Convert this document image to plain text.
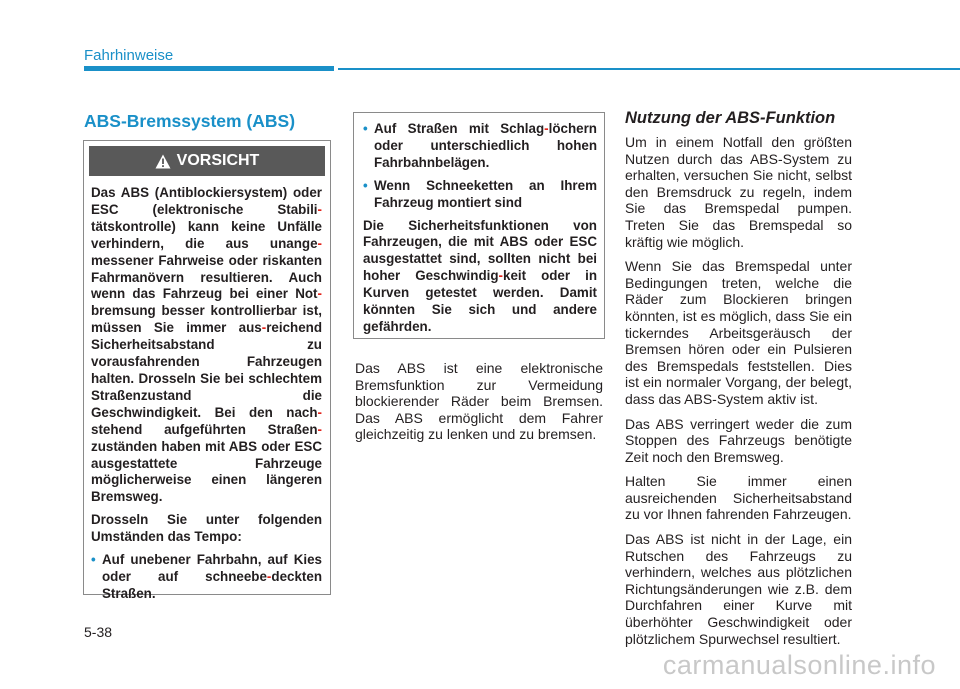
Fahrhinweise
ABS-Bremssystem (ABS)
VORSICHT

Das ABS (Antiblockiersystem) oder ESC (elektronische Stabili-tätskontrolle) kann keine Unfälle verhindern, die aus unange-messener Fahrweise oder riskanten Fahrmanövern resultieren. Auch wenn das Fahrzeug bei einer Not-bremsung besser kontrollierbar ist, müssen Sie immer aus-reichend Sicherheitsabstand zu vorausfahrenden Fahrzeugen halten. Drosseln Sie bei schlechtem Straßenzustand die Geschwindigkeit. Bei den nach-stehend aufgeführten Straßen-zuständen haben mit ABS oder ESC ausgestattete Fahrzeuge möglicherweise einen längeren Bremsweg.

Drosseln Sie unter folgenden Umständen das Tempo:

• Auf unebener Fahrbahn, auf Kies oder auf schneebe-deckten Straßen.
• Auf Straßen mit Schlag-löchern oder unterschiedlich hohen Fahrbahnbelägen.
• Wenn Schneeketten an Ihrem Fahrzeug montiert sind

Die Sicherheitsfunktionen von Fahrzeugen, die mit ABS oder ESC ausgestattet sind, sollten nicht bei hoher Geschwindig-keit oder in Kurven getestet werden. Damit könnten Sie sich und andere gefährden.

Das ABS ist eine elektronische Bremsfunktion zur Vermeidung blockierender Räder beim Bremsen. Das ABS ermöglicht dem Fahrer gleichzeitig zu lenken und zu bremsen.
Nutzung der ABS-Funktion

Um in einem Notfall den größten Nutzen durch das ABS-System zu erhalten, versuchen Sie nicht, selbst den Bremsdruck zu regeln, indem Sie das Bremspedal pumpen. Treten Sie das Bremspedal so kräftig wie möglich.

Wenn Sie das Bremspedal unter Bedingungen treten, welche die Räder zum Blockieren bringen könnten, ist es möglich, dass Sie ein tickerndes Arbeitsgeräusch der Bremsen hören oder ein Pulsieren des Bremspedals feststellen. Dies ist ein normaler Vorgang, der belegt, dass das ABS-System aktiv ist.

Das ABS verringert weder die zum Stoppen des Fahrzeugs benötigte Zeit noch den Bremsweg.

Halten Sie immer einen ausreichenden Sicherheitsabstand zu vor Ihnen fahrenden Fahrzeugen.

Das ABS ist nicht in der Lage, ein Rutschen des Fahrzeugs zu verhindern, welches aus plötzlichen Richtungsänderungen wie z.B. dem Durchfahren einer Kurve mit überhöhter Geschwindigkeit oder plötzlichem Spurwechsel resultiert.

5-38
carmanualsonline.info
